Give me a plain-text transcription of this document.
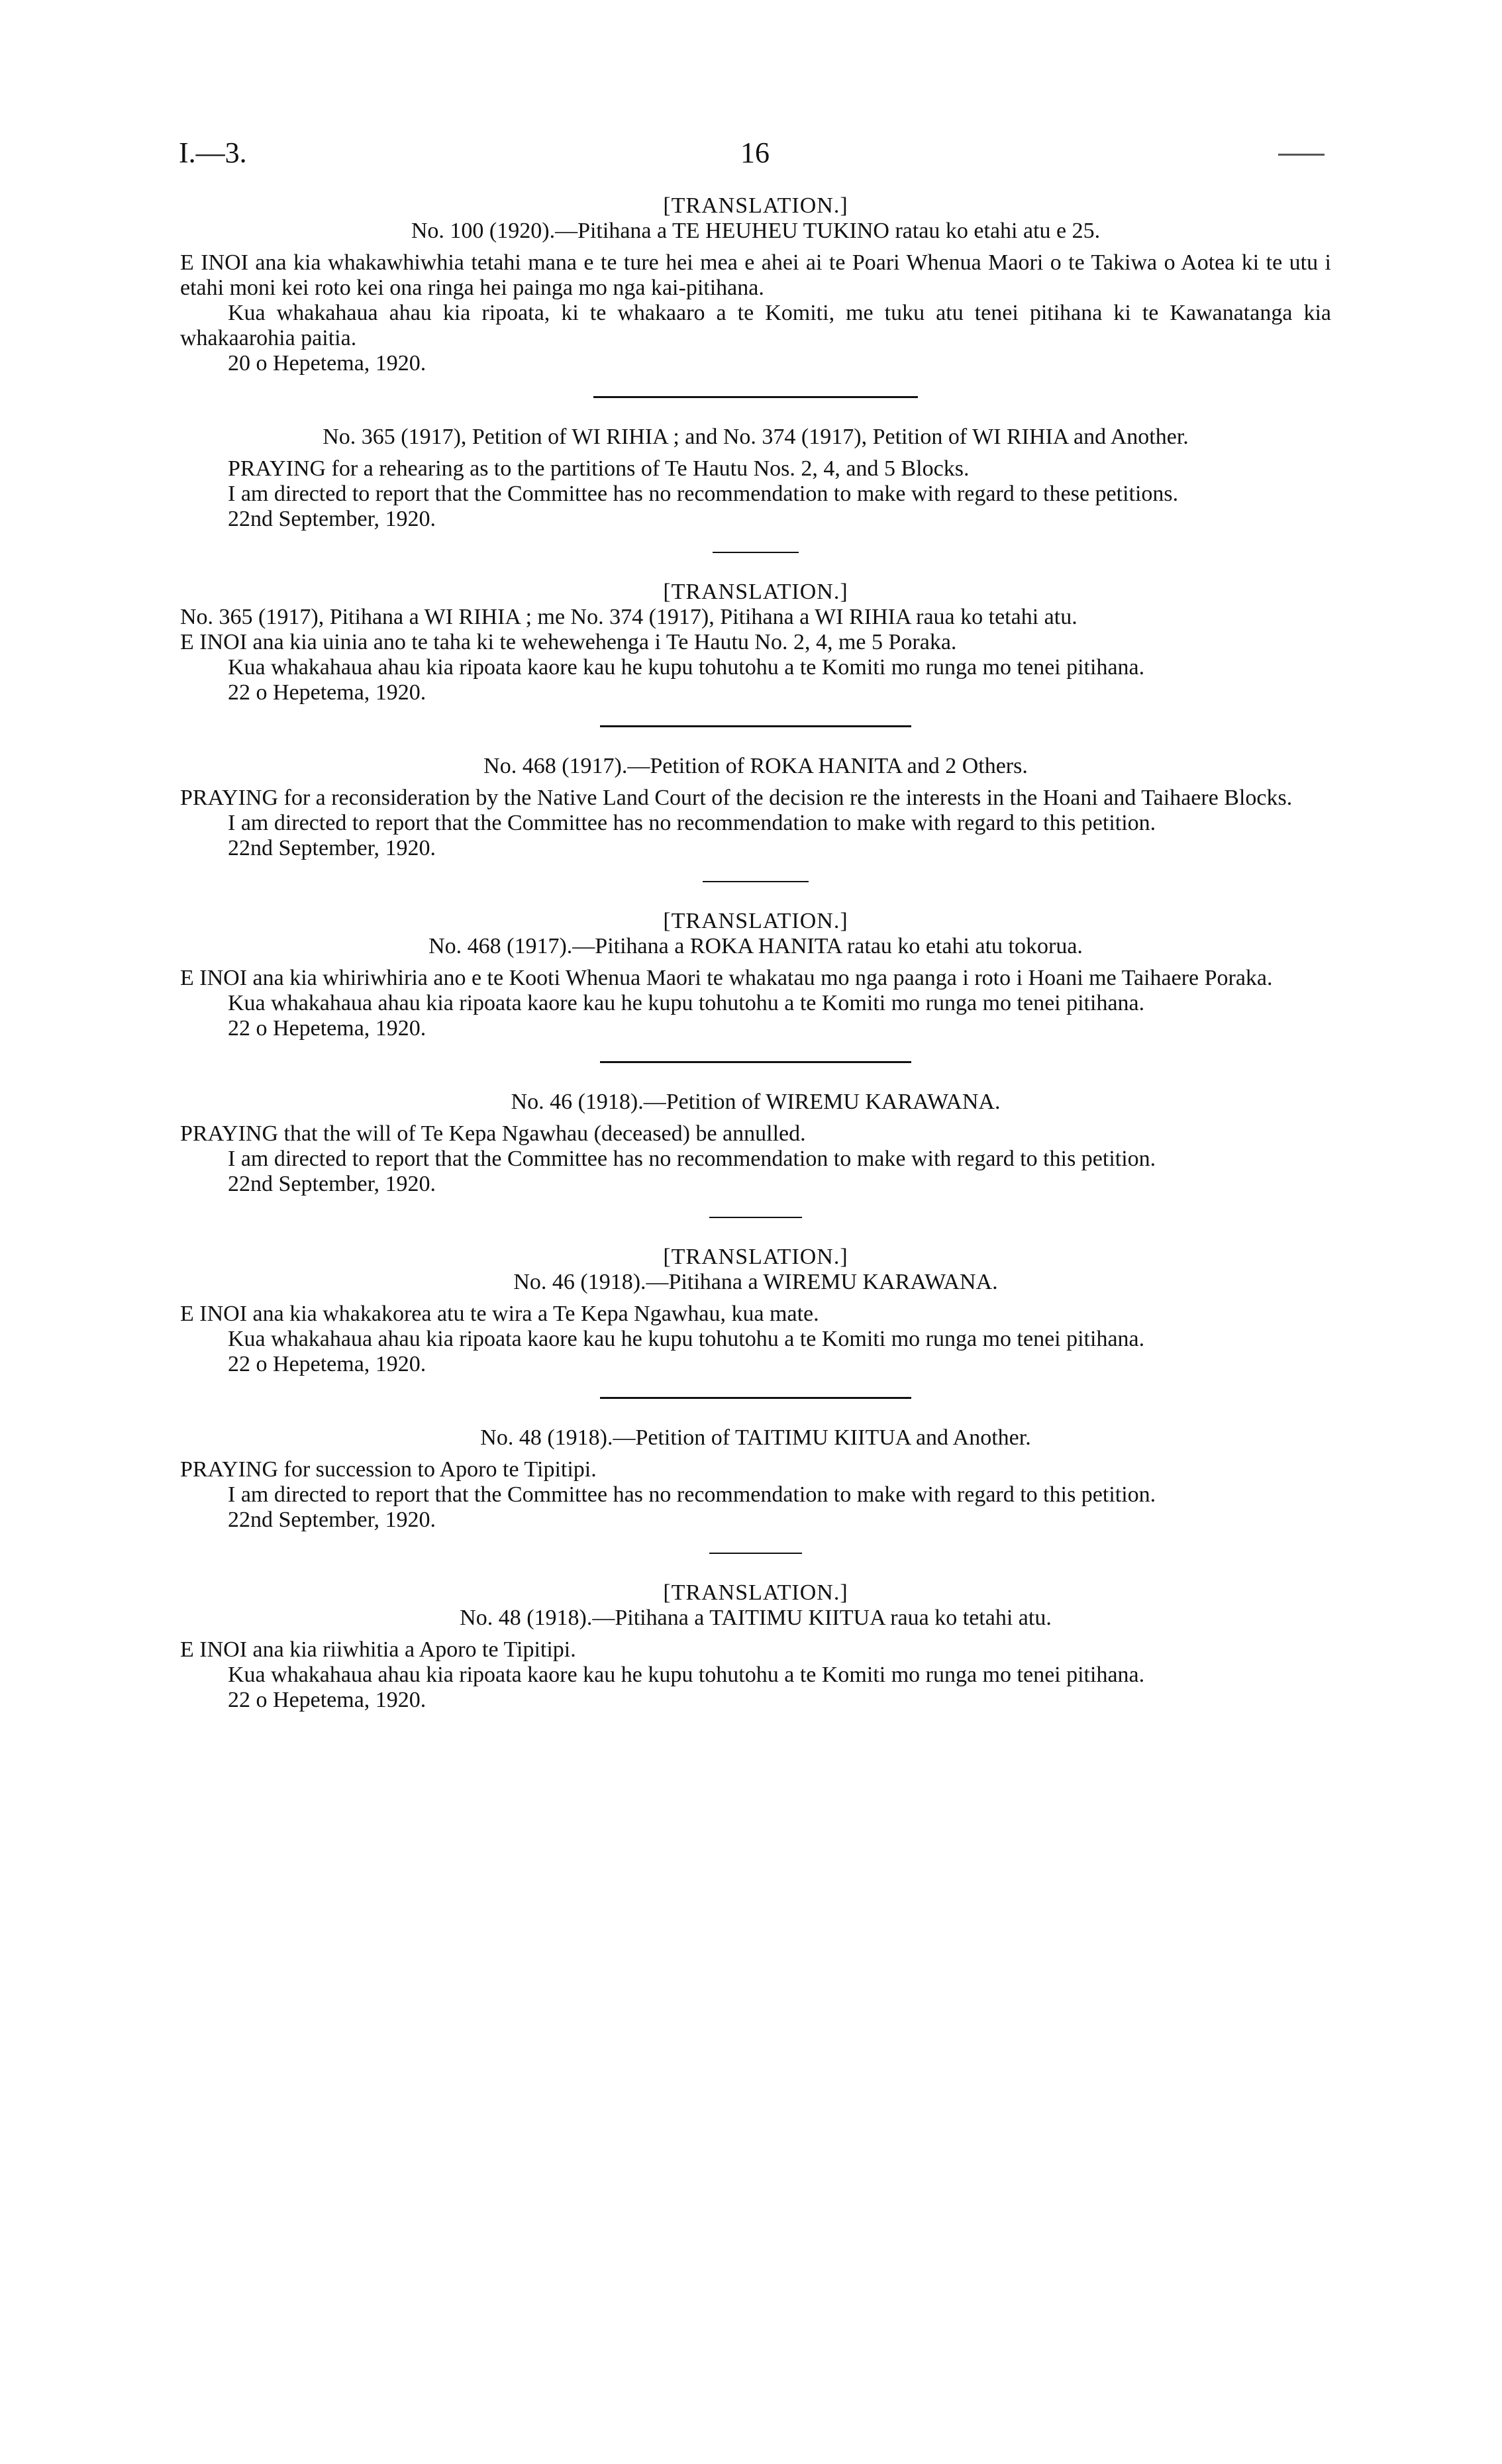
I.—3.	16
[TRANSLATION.]
No. 100 (1920).—Pitihana a TE HEUHEU TUKINO ratau ko etahi atu e 25.
E INOI ana kia whakawhiwhia tetahi mana e te ture hei mea e ahei ai te Poari Whenua Maori o te Takiwa o Aotea ki te utu i etahi moni kei roto kei ona ringa hei painga mo nga kai-pitihana.
Kua whakahaua ahau kia ripoata, ki te whakaaro a te Komiti, me tuku atu tenei pitihana ki te Kawanatanga kia whakaarohia paitia.
20 o Hepetema, 1920.
No. 365 (1917), Petition of WI RIHIA ; and No. 374 (1917), Petition of WI RIHIA and Another.
PRAYING for a rehearing as to the partitions of Te Hautu Nos. 2, 4, and 5 Blocks.
I am directed to report that the Committee has no recommendation to make with regard to these petitions.
22nd September, 1920.
[TRANSLATION.]
No. 365 (1917), Pitihana a WI RIHIA ; me No. 374 (1917), Pitihana a WI RIHIA raua ko tetahi atu.
E INOI ana kia uinia ano te taha ki te wehewehenga i Te Hautu No. 2, 4, me 5 Poraka.
Kua whakahaua ahau kia ripoata kaore kau he kupu tohutohu a te Komiti mo runga mo tenei pitihana.
22 o Hepetema, 1920.
No. 468 (1917).—Petition of ROKA HANITA and 2 Others.
PRAYING for a reconsideration by the Native Land Court of the decision re the interests in the Hoani and Taihaere Blocks.
I am directed to report that the Committee has no recommendation to make with regard to this petition.
22nd September, 1920.
[TRANSLATION.]
No. 468 (1917).—Pitihana a ROKA HANITA ratau ko etahi atu tokorua.
E INOI ana kia whiriwhiria ano e te Kooti Whenua Maori te whakatau mo nga paanga i roto i Hoani me Taihaere Poraka.
Kua whakahaua ahau kia ripoata kaore kau he kupu tohutohu a te Komiti mo runga mo tenei pitihana.
22 o Hepetema, 1920.
No. 46 (1918).—Petition of WIREMU KARAWANA.
PRAYING that the will of Te Kepa Ngawhau (deceased) be annulled.
I am directed to report that the Committee has no recommendation to make with regard to this petition.
22nd September, 1920.
[TRANSLATION.]
No. 46 (1918).—Pitihana a WIREMU KARAWANA.
E INOI ana kia whakakorea atu te wira a Te Kepa Ngawhau, kua mate.
Kua whakahaua ahau kia ripoata kaore kau he kupu tohutohu a te Komiti mo runga mo tenei pitihana.
22 o Hepetema, 1920.
No. 48 (1918).—Petition of TAITIMU KIITUA and Another.
PRAYING for succession to Aporo te Tipitipi.
I am directed to report that the Committee has no recommendation to make with regard to this petition.
22nd September, 1920.
[TRANSLATION.]
No. 48 (1918).—Pitihana a TAITIMU KIITUA raua ko tetahi atu.
E INOI ana kia riiwhitia a Aporo te Tipitipi.
Kua whakahaua ahau kia ripoata kaore kau he kupu tohutohu a te Komiti mo runga mo tenei pitihana.
22 o Hepetema, 1920.
